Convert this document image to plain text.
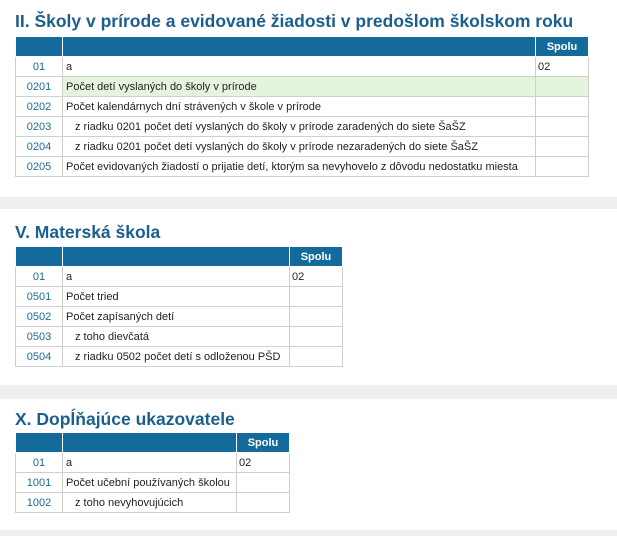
II. Školy v prírode a evidované žiadosti v predošlom školskom roku
		Spolu
01	a	02
0201	Počet detí vyslaných do školy v prírode	
0202	Počet kalendárnych dní strávených v škole v prírode	
0203	z riadku 0201 počet detí vyslaných do školy v prírode zaradených do siete ŠaŠZ	
0204	z riadku 0201 počet detí vyslaných do školy v prírode nezaradených do siete ŠaŠZ	
0205	Počet evidovaných žiadostí o prijatie detí, ktorým sa nevyhovelo z dôvodu nedostatku miesta	
V. Materská škola
		Spolu
01	a	02
0501	Počet tried	
0502	Počet zapísaných detí	
0503	z toho dievčatá	
0504	z riadku 0502 počet detí s odloženou PŠD	
X. Dopĺňajúce ukazovatele
		Spolu
01	a	02
1001	Počet učební používaných školou	
1002	z toho nevyhovujúcich	
